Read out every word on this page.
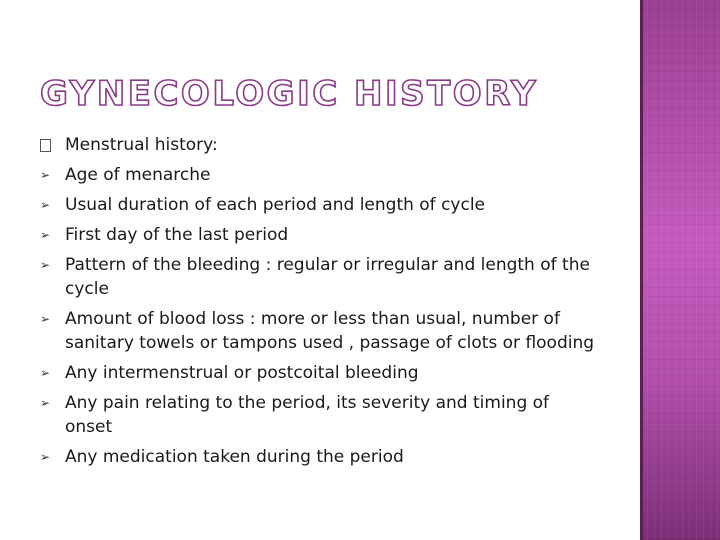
GYNECOLOGIC HISTORY
Menstrual history:
➢ Age of menarche
➢ Usual duration of each period and length of cycle
➢ First day of the last period
➢ Pattern of the bleeding : regular or irregular and length of the cycle
➢ Amount of blood loss : more or less than usual, number of sanitary towels or tampons used , passage of clots or flooding
➢ Any intermenstrual or postcoital bleeding
➢ Any pain relating to the period, its severity and timing of onset
➢ Any medication taken during the period
